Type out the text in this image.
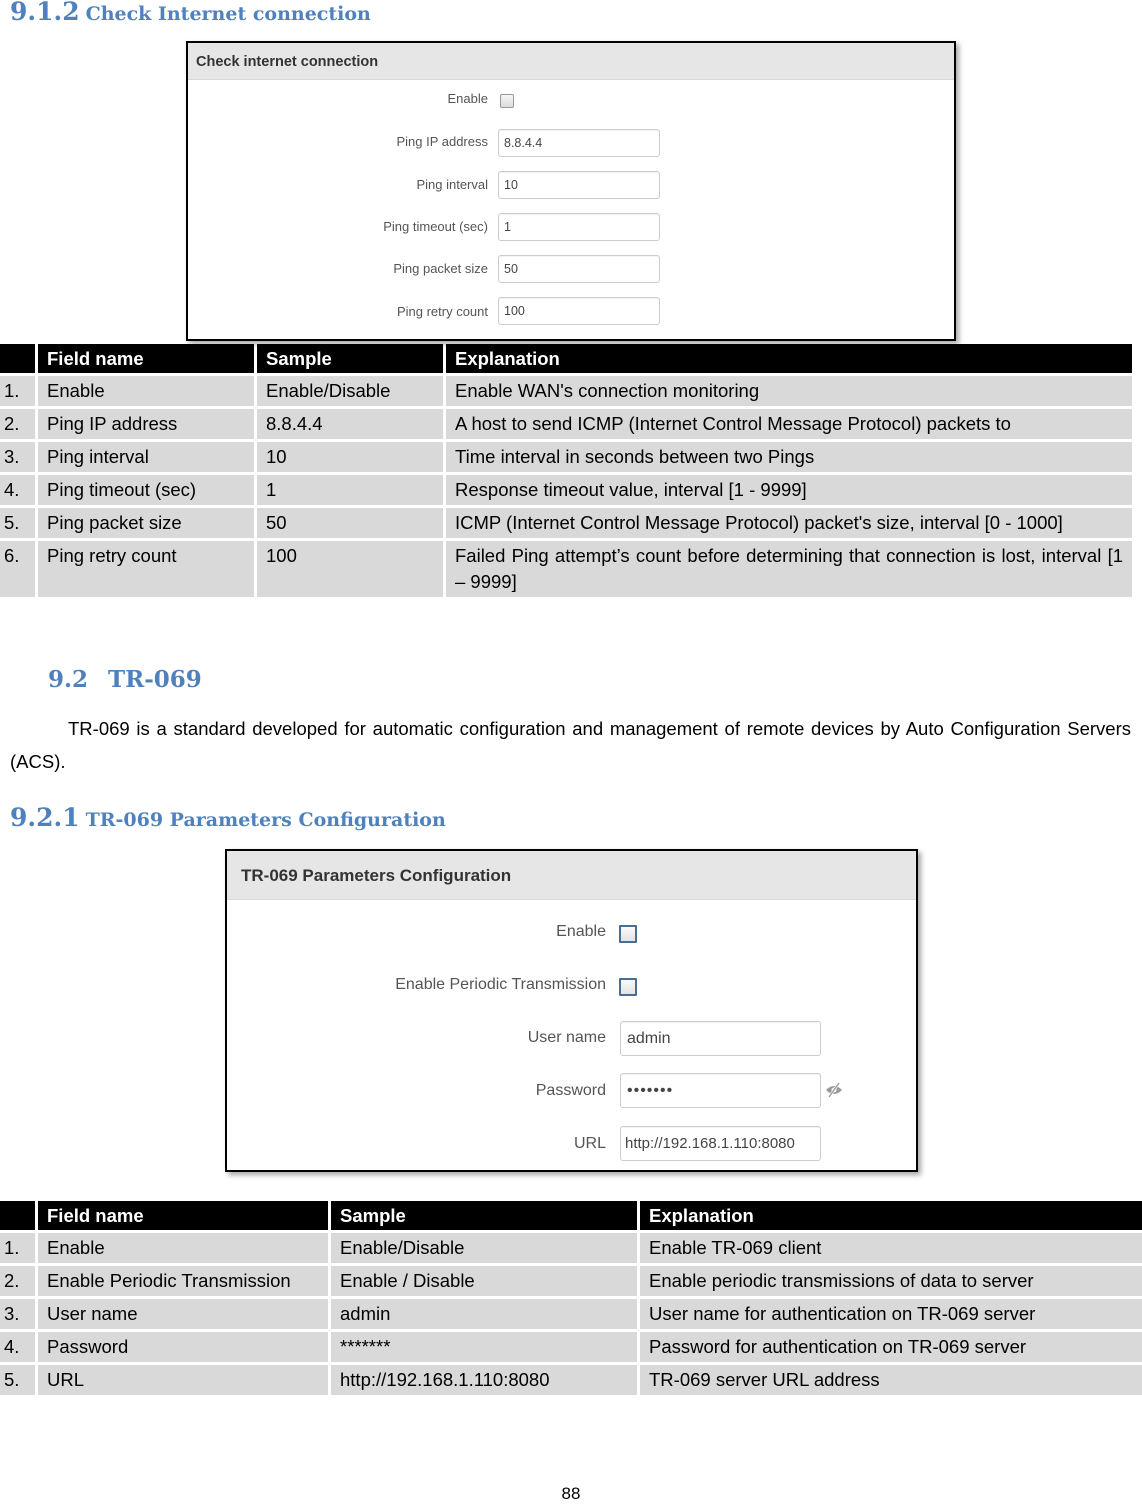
9.1.2 Check Internet connection
Check internet connection
Enable
Ping IP address	8.8.4.4
Ping interval	10
Ping timeout (sec)	1
Ping packet size	50
Ping retry count	100
	Field name	Sample	Explanation
1.	Enable	Enable/Disable	Enable WAN's connection monitoring
2.	Ping IP address	8.8.4.4	A host to send ICMP (Internet Control Message Protocol) packets to
3.	Ping interval	10	Time interval in seconds between two Pings
4.	Ping timeout (sec)	1	Response timeout value, interval [1 - 9999]
5.	Ping packet size	50	ICMP (Internet Control Message Protocol) packet's size, interval [0 - 1000]
6.	Ping retry count	100	Failed Ping attempt’s count before determining that connection is lost, interval [1 – 9999]
9.2 TR-069
TR-069 is a standard developed for automatic configuration and management of remote devices by Auto Configuration Servers (ACS).
9.2.1 TR-069 Parameters Configuration
TR-069 Parameters Configuration
Enable
Enable Periodic Transmission
User name	admin
Password	•••••••
URL	http://192.168.1.110:8080
	Field name	Sample	Explanation
1.	Enable	Enable/Disable	Enable TR-069 client
2.	Enable Periodic Transmission	Enable / Disable	Enable periodic transmissions of data to server
3.	User name	admin	User name for authentication on TR-069 server
4.	Password	*******	Password for authentication on TR-069 server
5.	URL	http://192.168.1.110:8080	TR-069 server URL address
88
